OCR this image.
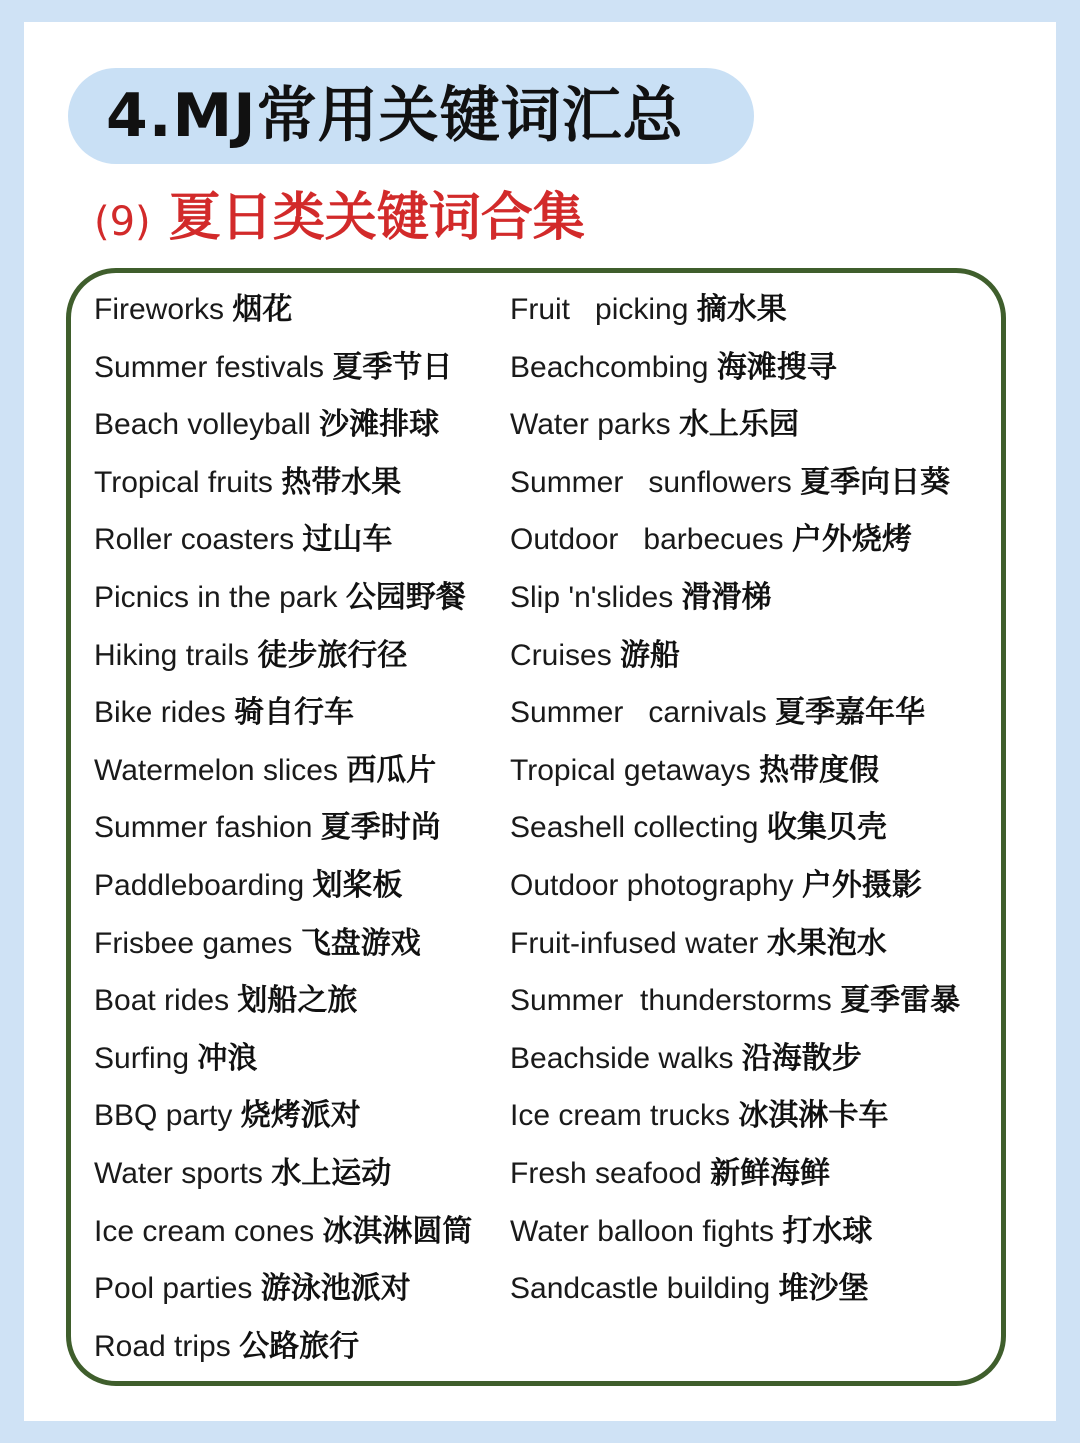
4.MJ常用关键词汇总
(9) 夏日类关键词合集
Fireworks 烟花
Summer festivals 夏季节日
Beach volleyball 沙滩排球
Tropical fruits 热带水果
Roller coasters 过山车
Picnics in the park 公园野餐
Hiking trails 徒步旅行径
Bike rides 骑自行车
Watermelon slices 西瓜片
Summer fashion 夏季时尚
Paddleboarding 划桨板
Frisbee games 飞盘游戏
Boat rides 划船之旅
Surfing 冲浪
BBQ party 烧烤派对
Water sports 水上运动
Ice cream cones 冰淇淋圆筒
Pool parties 游泳池派对
Road trips 公路旅行
Fruit   picking 摘水果
Beachcombing 海滩搜寻
Water parks 水上乐园
Summer   sunflowers 夏季向日葵
Outdoor   barbecues 户外烧烤
Slip 'n'slides 滑滑梯
Cruises 游船
Summer   carnivals 夏季嘉年华
Tropical getaways 热带度假
Seashell collecting 收集贝壳
Outdoor photography 户外摄影
Fruit-infused water 水果泡水
Summer  thunderstorms 夏季雷暴
Beachside walks 沿海散步
Ice cream trucks 冰淇淋卡车
Fresh seafood 新鲜海鲜
Water balloon fights 打水球
Sandcastle building 堆沙堡
